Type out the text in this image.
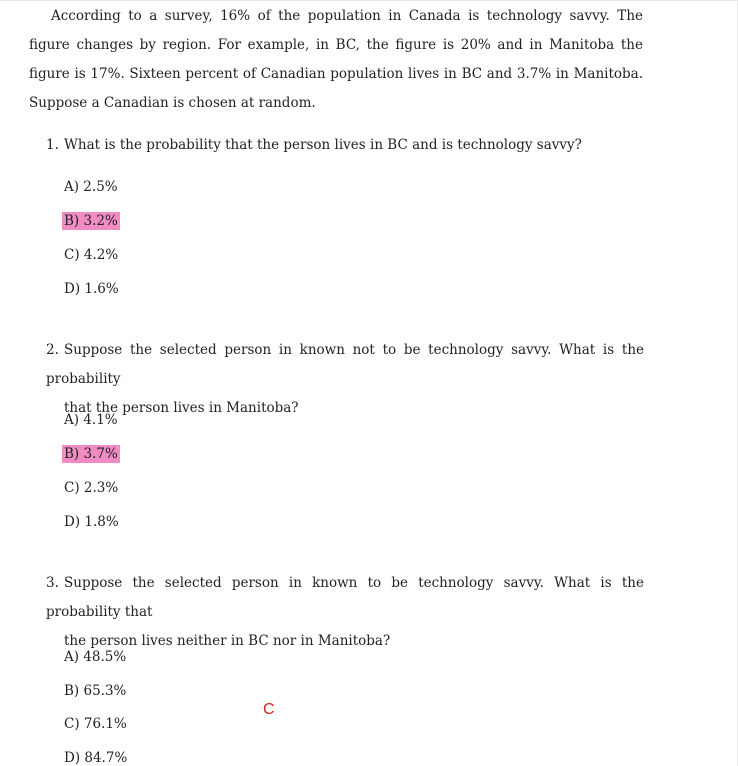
According to a survey, 16% of the population in Canada is technology savvy. The figure changes by region. For example, in BC, the figure is 20% and in Manitoba the figure is 17%. Sixteen percent of Canadian population lives in BC and 3.7% in Manitoba. Suppose a Canadian is chosen at random.

1. What is the probability that the person lives in BC and is technology savvy?
A) 2.5%
B) 3.2%
C) 4.2%
D) 1.6%
2. Suppose the selected person in known not to be technology savvy. What is the probability
that the person lives in Manitoba?
A) 4.1%
B) 3.7%
C) 2.3%
D) 1.8%
3. Suppose the selected person in known to be technology savvy. What is the probability that
the person lives neither in BC nor in Manitoba?
A) 48.5%
B) 65.3%
C) 76.1%
D) 84.7%
C
